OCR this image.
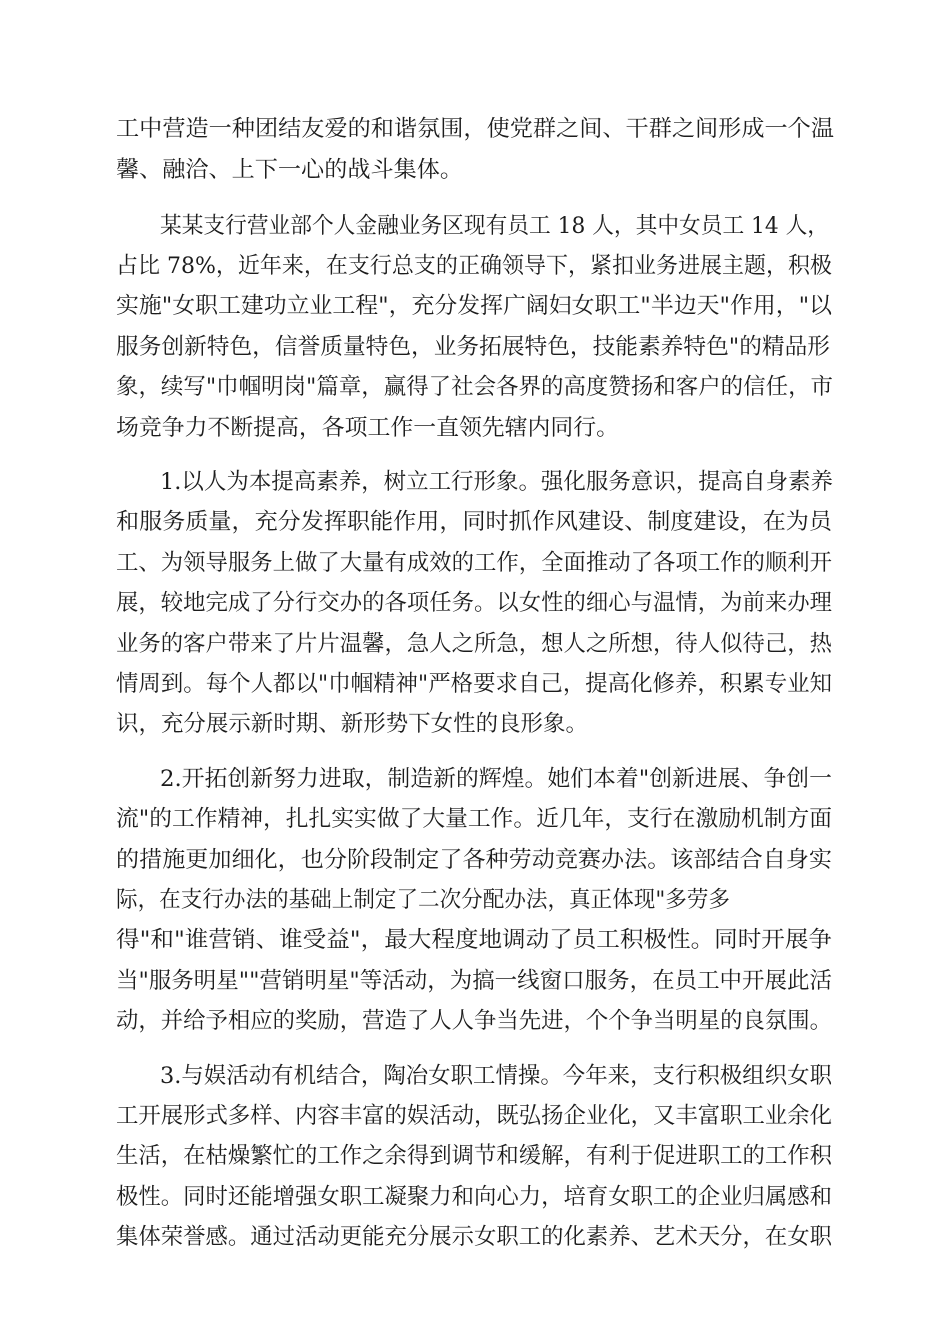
工中营造一种团结友爱的和谐氛围，使党群之间、干群之间形成一个温
馨、融洽、上下一心的战斗集体。
某某支行营业部个人金融业务区现有员工 18 人，其中女员工 14 人，
占比 78%，近年来，在支行总支的正确领导下，紧扣业务进展主题，积极
实施"女职工建功立业工程"，充分发挥广阔妇女职工"半边天"作用，"以
服务创新特色，信誉质量特色，业务拓展特色，技能素养特色"的精品形
象，续写"巾帼明岗"篇章，赢得了社会各界的高度赞扬和客户的信任，市
场竞争力不断提高，各项工作一直领先辖内同行。
1.以人为本提高素养，树立工行形象。强化服务意识，提高自身素养
和服务质量，充分发挥职能作用，同时抓作风建设、制度建设，在为员
工、为领导服务上做了大量有成效的工作，全面推动了各项工作的顺利开
展，较地完成了分行交办的各项任务。以女性的细心与温情，为前来办理
业务的客户带来了片片温馨，急人之所急，想人之所想，待人似待己，热
情周到。每个人都以"巾帼精神"严格要求自己，提高化修养，积累专业知
识，充分展示新时期、新形势下女性的良形象。
2.开拓创新努力进取，制造新的辉煌。她们本着"创新进展、争创一
流"的工作精神，扎扎实实做了大量工作。近几年，支行在激励机制方面
的措施更加细化，也分阶段制定了各种劳动竞赛办法。该部结合自身实
际，在支行办法的基础上制定了二次分配办法，真正体现"多劳多
得"和"谁营销、谁受益"，最大程度地调动了员工积极性。同时开展争
当"服务明星""营销明星"等活动，为搞一线窗口服务，在员工中开展此活
动，并给予相应的奖励，营造了人人争当先进，个个争当明星的良氛围。
3.与娱活动有机结合，陶冶女职工情操。今年来，支行积极组织女职
工开展形式多样、内容丰富的娱活动，既弘扬企业化，又丰富职工业余化
生活，在枯燥繁忙的工作之余得到调节和缓解，有利于促进职工的工作积
极性。同时还能增强女职工凝聚力和向心力，培育女职工的企业归属感和
集体荣誉感。通过活动更能充分展示女职工的化素养、艺术天分，在女职
